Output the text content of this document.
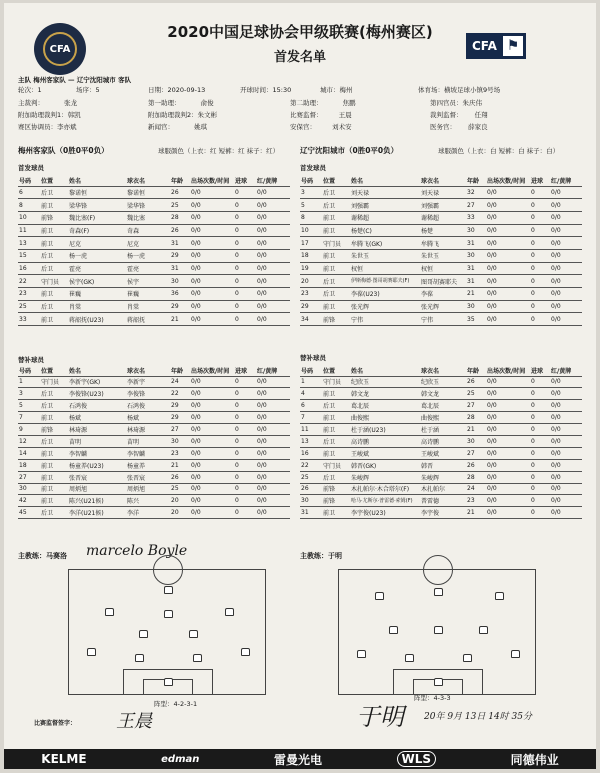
CFA	CFA ⚑
2020中国足球协会甲级联赛(梅州赛区)
首发名单
主队 梅州客家队 — 辽宁沈阳城市 客队
轮次：1	场序：5	日期：2020-09-13	开球时间：15:30	城市：梅州	体育场：横坡足球小镇9号场
主裁判：	张龙	第一助理：	俞俊	第二助理：	焦鹏	第四官员：朱庆伟
附加助理裁判1：韩凯	附加助理裁判2：朱文彬	比赛监督： 王晨	裁判监督： 任翔
赛区协调员：李亦斌	新闻官：	姚琪	安保官： 刘术安	医务官： 薛家良
梅州客家队（0胜0平0负）	球服颜色（上衣：红 短裤：红 袜子：红）	辽宁沈阳城市（0胜0平0负）	球服颜色（上衣：白 短裤：白 袜子：白）
首发球员	首发球员
号码	位置	姓名	球衣名	年龄	出场次数/时间	进球	红/黄牌
6	后卫	黎诺恒	黎诺恒	26	0/0	0	0/0
8	前卫	梁华锋	梁华锋	25	0/0	0	0/0
10	前锋	魏比塞(F)	魏比塞	28	0/0	0	0/0
11	前卫	奇森(F)	奇森	26	0/0	0	0/0
13	前卫	尼克	尼克	31	0/0	0	0/0
15	后卫	杨一虎	杨一虎	29	0/0	0	0/0
16	后卫	霍亮	霍亮	31	0/0	0	0/0
22	守门员	侯宇(GK)	侯宇	30	0/0	0	0/0
23	前卫	崔巍	崔巍	36	0/0	0	0/0
25	后卫	肖棠	肖棠	29	0/0	0	0/0
33	前卫	蒋韶抚(U23)	蒋韶抚	21	0/0	0	0/0
号码	位置	姓名	球衣名	年龄	出场次数/时间	进球	红/黄牌
3	后卫	刘天禄	刘天禄	32	0/0	0	0/0
5	后卫	刘强霸	刘强霸	27	0/0	0	0/0
8	前卫	谢稀超	谢稀超	33	0/0	0	0/0
10	前卫	杨楚(C)	杨楚	30	0/0	0	0/0
17	守门员	牟腾飞(GK)	牟腾飞	31	0/0	0	0/0
18	前卫	朱世玉	朱世玉	30	0/0	0	0/0
19	前卫	权恒	权恒	31	0/0	0	0/0
20	后卫	伊斯梅德·图哥胡赛耶夫(F)	图哥胡赛耶夫	31	0/0	0	0/0
23	后卫	李葆(U23)	李葆	21	0/0	0	0/0
29	前卫	张光辉	张光辉	30	0/0	0	0/0
34	前锋	宁伟	宁伟	35	0/0	0	0/0
替补球员	替补球员
号码	位置	姓名	球衣名	年龄	出场次数/时间	进球	红/黄牌
1	守门员	李新宇(GK)	李新宇	24	0/0	0	0/0
3	后卫	李俊锋(U23)	李俊锋	22	0/0	0	0/0
5	后卫	石鸿俊	石鸿俊	29	0/0	0	0/0
7	前卫	杨斌	杨斌	29	0/0	0	0/0
9	前锋	林琦源	林琦源	27	0/0	0	0/0
12	后卫	苗明	苗明	30	0/0	0	0/0
14	前卫	李智麟	李智麟	23	0/0	0	0/0
18	前卫	杨童养(U23)	杨童养	21	0/0	0	0/0
27	前卫	张晋宸	张晋宸	26	0/0	0	0/0
30	前卫	周炳旭	周炳旭	25	0/0	0	0/0
42	前卫	陈兴(U21候)	陈兴	20	0/0	0	0/0
45	后卫	李洋(U21候)	李洋	20	0/0	0	0/0
号码	位置	姓名	球衣名	年龄	出场次数/时间	进球	红/黄牌
1	守门员	纪欣玉	纪欣玉	26	0/0	0	0/0
4	前卫	韩文龙	韩文龙	25	0/0	0	0/0
6	后卫	葛北辰	葛北辰	27	0/0	0	0/0
7	前卫	曲俊熙	曲俊熙	28	0/0	0	0/0
11	前卫	杜于涵(U23)	杜于涵	21	0/0	0	0/0
13	后卫	高诗鹏	高诗鹏	30	0/0	0	0/0
16	前卫	王峻斌	王峻斌	27	0/0	0	0/0
22	守门员	韩晋(GK)	韩晋	26	0/0	0	0/0
25	后卫	朱峻辉	朱峻辉	28	0/0	0	0/0
26	前锋	木扎帕尔·木合塔尔(F)	木扎帕尔	24	0/0	0	0/0
30	前锋	哈马·尤斯尔·普雷德·索姆(F)	普雷德	23	0/0	0	0/0
31	前卫	李宇俊(U23)	李宇俊	21	0/0	0	0/0
主教练：马赛洛 marcelo Boyle	主教练：于明
阵型：4-2-3-1
阵型：4-3-3
比赛监督签字： 王晨	于明 20年 9月 13日 14时 35分
KELME	edman	雷曼光电	WLS	同德伟业
